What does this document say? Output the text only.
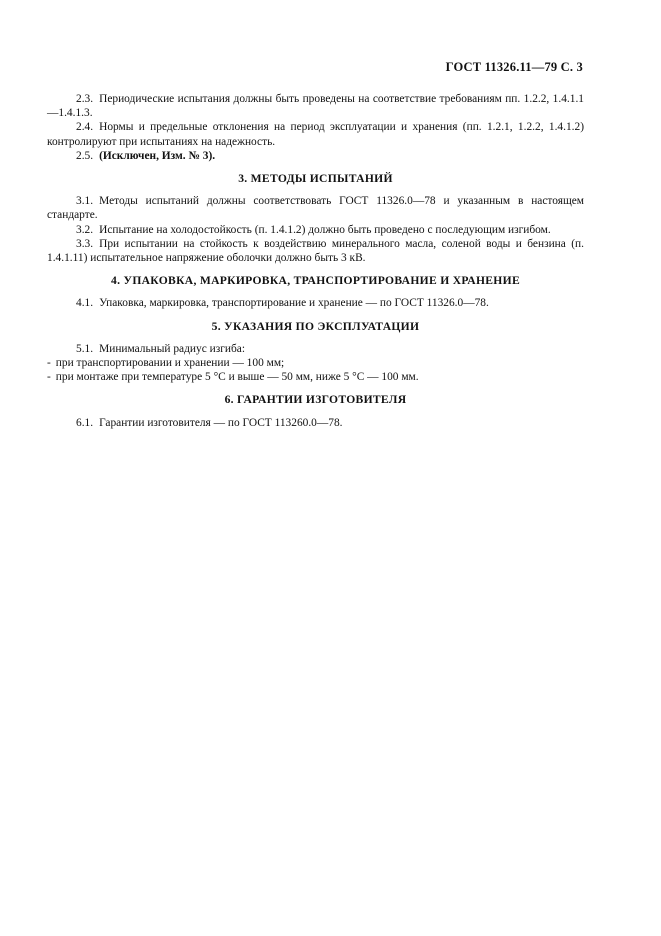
ГОСТ 11326.11—79 С. 3

2.3. Периодические испытания должны быть проведены на соответствие требованиям пп. 1.2.2, 1.4.1.1—1.4.1.3.

2.4. Нормы и предельные отклонения на период эксплуатации и хранения (пп. 1.2.1, 1.2.2, 1.4.1.2) контролируют при испытаниях на надежность.

2.5. (Исключен, Изм. № 3).

3. МЕТОДЫ ИСПЫТАНИЙ

3.1. Методы испытаний должны соответствовать ГОСТ 11326.0—78 и указанным в настоящем стандарте.

3.2. Испытание на холодостойкость (п. 1.4.1.2) должно быть проведено с последующим изгибом.

3.3. При испытании на стойкость к воздействию минерального масла, соленой воды и бензина (п. 1.4.1.11) испытательное напряжение оболочки должно быть 3 кВ.

4. УПАКОВКА, МАРКИРОВКА, ТРАНСПОРТИРОВАНИЕ И ХРАНЕНИЕ

4.1. Упаковка, маркировка, транспортирование и хранение — по ГОСТ 11326.0—78.

5. УКАЗАНИЯ ПО ЭКСПЛУАТАЦИИ

5.1. Минимальный радиус изгиба:

- при транспортировании и хранении — 100 мм;

- при монтаже при температуре 5 °С и выше — 50 мм, ниже 5 °С — 100 мм.

6. ГАРАНТИИ ИЗГОТОВИТЕЛЯ

6.1. Гарантии изготовителя — по ГОСТ 113260.0—78.
